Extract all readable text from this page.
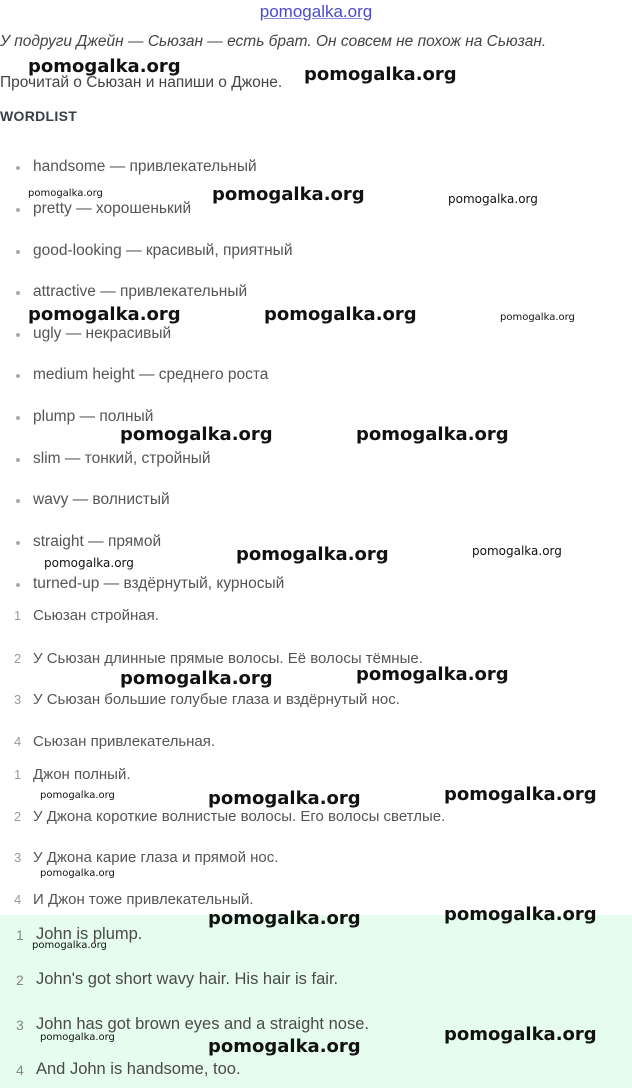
pomogalka.org
У подруги Джейн — Сьюзан — есть брат. Он совсем не похож на Сьюзан.
Прочитай о Сьюзан и напиши о Джоне.
WORDLIST
handsome — привлекательный
pretty — хорошенький
good-looking — красивый, приятный
attractive — привлекательный
ugly — некрасивый
medium height — среднего роста
plump — полный
slim — тонкий, стройный
wavy — волнистый
straight — прямой
turned-up — вздёрнутый, курносый
1 Сьюзан стройная.
2 У Сьюзан длинные прямые волосы. Её волосы тёмные.
3 У Сьюзан большие голубые глаза и вздёрнутый нос.
4 Сьюзан привлекательная.
1 Джон полный.
2 У Джона короткие волнистые волосы. Его волосы светлые.
3 У Джона карие глаза и прямой нос.
4 И Джон тоже привлекательный.
1 John is plump.
2 John's got short wavy hair. His hair is fair.
3 John has got brown eyes and a straight nose.
4 And John is handsome, too.
pomogalka.org	pomogalka.org
pomogalka.org	pomogalka.org	pomogalka.org
pomogalka.org	pomogalka.org	pomogalka.org
pomogalka.org	pomogalka.org
pomogalka.org	pomogalka.org
pomogalka.org
pomogalka.org	pomogalka.org
pomogalka.org	pomogalka.org	pomogalka.org
pomogalka.org
pomogalka.org	pomogalka.org
pomogalka.org
pomogalka.org
pomogalka.org	pomogalka.org
